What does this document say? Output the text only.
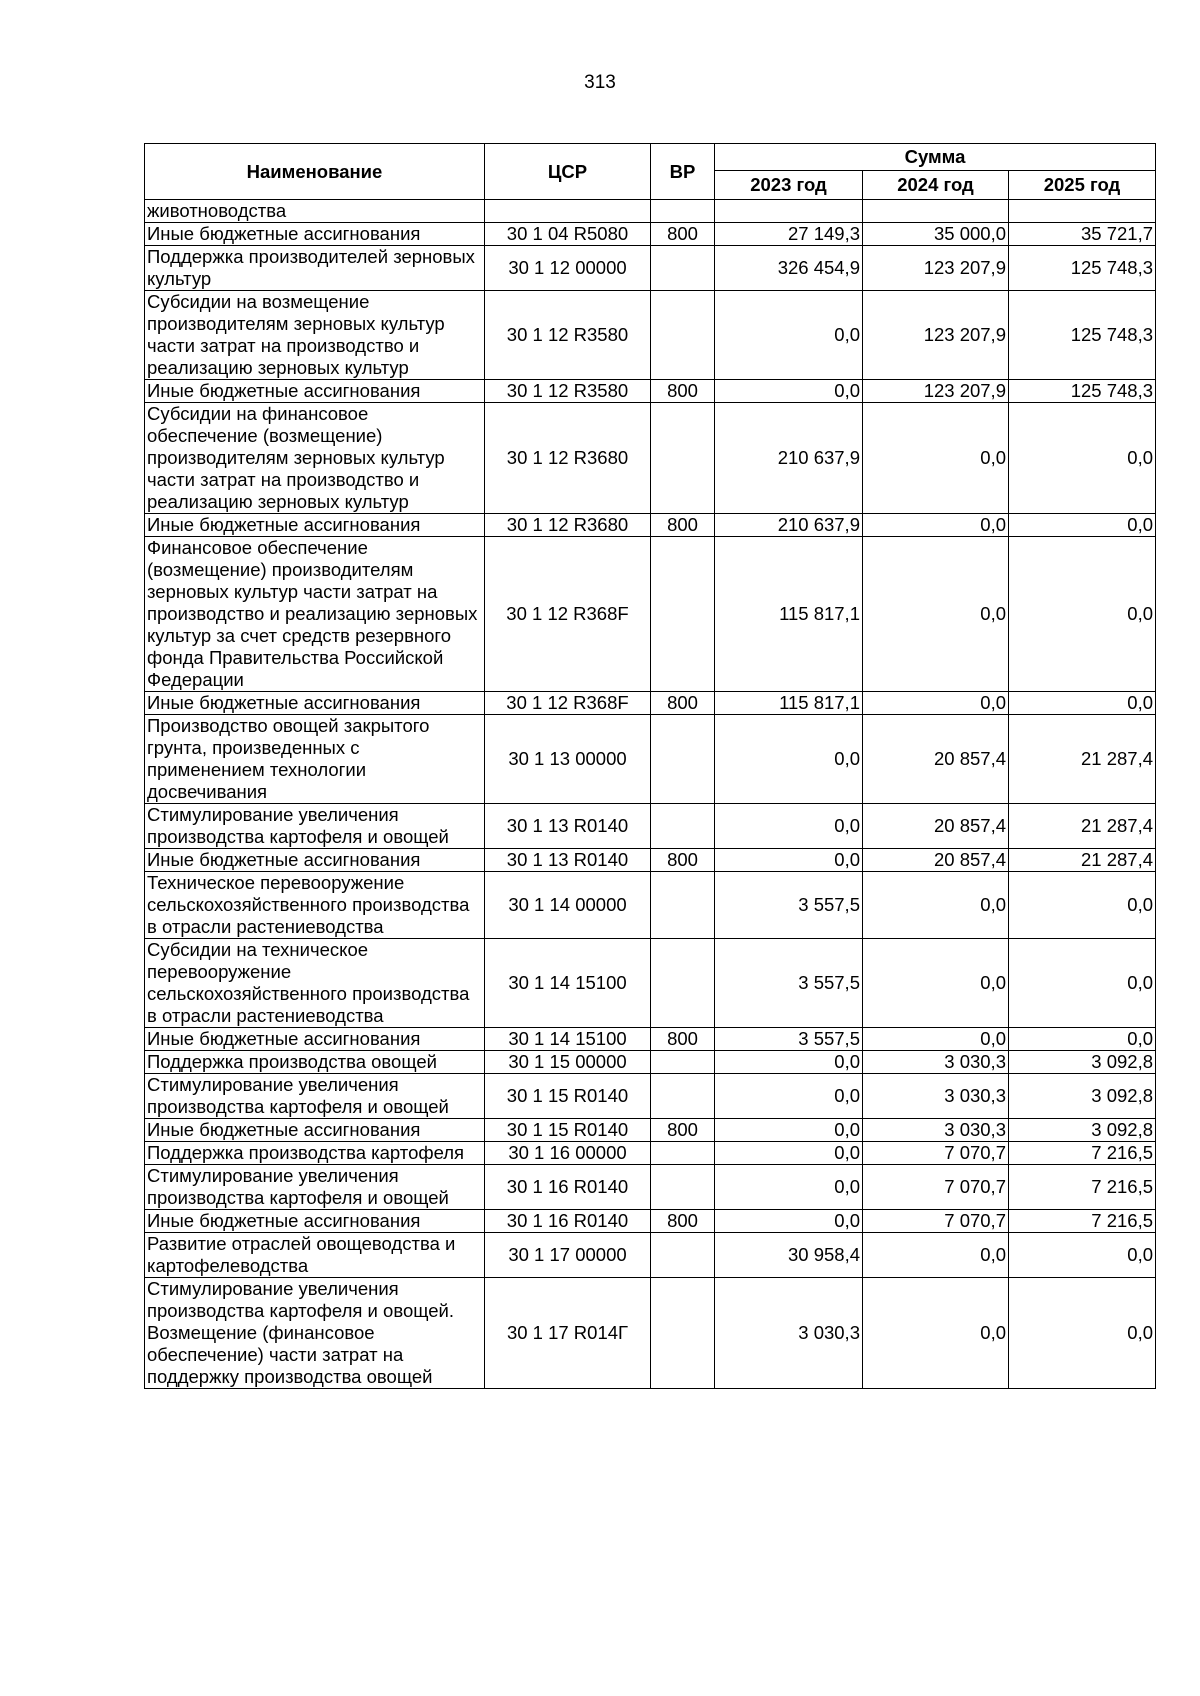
313
Наименование	ЦСР	ВР	Сумма		
			2023 год	2024 год	2025 год
животноводства					
Иные бюджетные ассигнования	30 1 04 R5080	800	27 149,3	35 000,0	35 721,7
Поддержка производителей зерновых культур	30 1 12 00000		326 454,9	123 207,9	125 748,3
Субсидии на возмещение производителям зерновых культур части затрат на производство и реализацию зерновых культур	30 1 12 R3580		0,0	123 207,9	125 748,3
Иные бюджетные ассигнования	30 1 12 R3580	800	0,0	123 207,9	125 748,3
Субсидии на финансовое обеспечение (возмещение) производителям зерновых культур части затрат на производство и реализацию зерновых культур	30 1 12 R3680		210 637,9	0,0	0,0
Иные бюджетные ассигнования	30 1 12 R3680	800	210 637,9	0,0	0,0
Финансовое обеспечение (возмещение) производителям зерновых культур части затрат на производство и реализацию зерновых культур за счет средств резервного фонда Правительства Российской Федерации	30 1 12 R368F		115 817,1	0,0	0,0
Иные бюджетные ассигнования	30 1 12 R368F	800	115 817,1	0,0	0,0
Производство овощей закрытого грунта, произведенных с применением технологии досвечивания	30 1 13 00000		0,0	20 857,4	21 287,4
Стимулирование увеличения производства картофеля и овощей	30 1 13 R0140		0,0	20 857,4	21 287,4
Иные бюджетные ассигнования	30 1 13 R0140	800	0,0	20 857,4	21 287,4
Техническое перевооружение сельскохозяйственного производства в отрасли растениеводства	30 1 14 00000		3 557,5	0,0	0,0
Субсидии на техническое перевооружение сельскохозяйственного производства в отрасли растениеводства	30 1 14 15100		3 557,5	0,0	0,0
Иные бюджетные ассигнования	30 1 14 15100	800	3 557,5	0,0	0,0
Поддержка производства овощей	30 1 15 00000		0,0	3 030,3	3 092,8
Стимулирование увеличения производства картофеля и овощей	30 1 15 R0140		0,0	3 030,3	3 092,8
Иные бюджетные ассигнования	30 1 15 R0140	800	0,0	3 030,3	3 092,8
Поддержка производства картофеля	30 1 16 00000		0,0	7 070,7	7 216,5
Стимулирование увеличения производства картофеля и овощей	30 1 16 R0140		0,0	7 070,7	7 216,5
Иные бюджетные ассигнования	30 1 16 R0140	800	0,0	7 070,7	7 216,5
Развитие отраслей овощеводства и картофелеводства	30 1 17 00000		30 958,4	0,0	0,0
Стимулирование увеличения производства картофеля и овощей. Возмещение (финансовое обеспечение) части затрат на поддержку производства овощей	30 1 17 R014Г		3 030,3	0,0	0,0
